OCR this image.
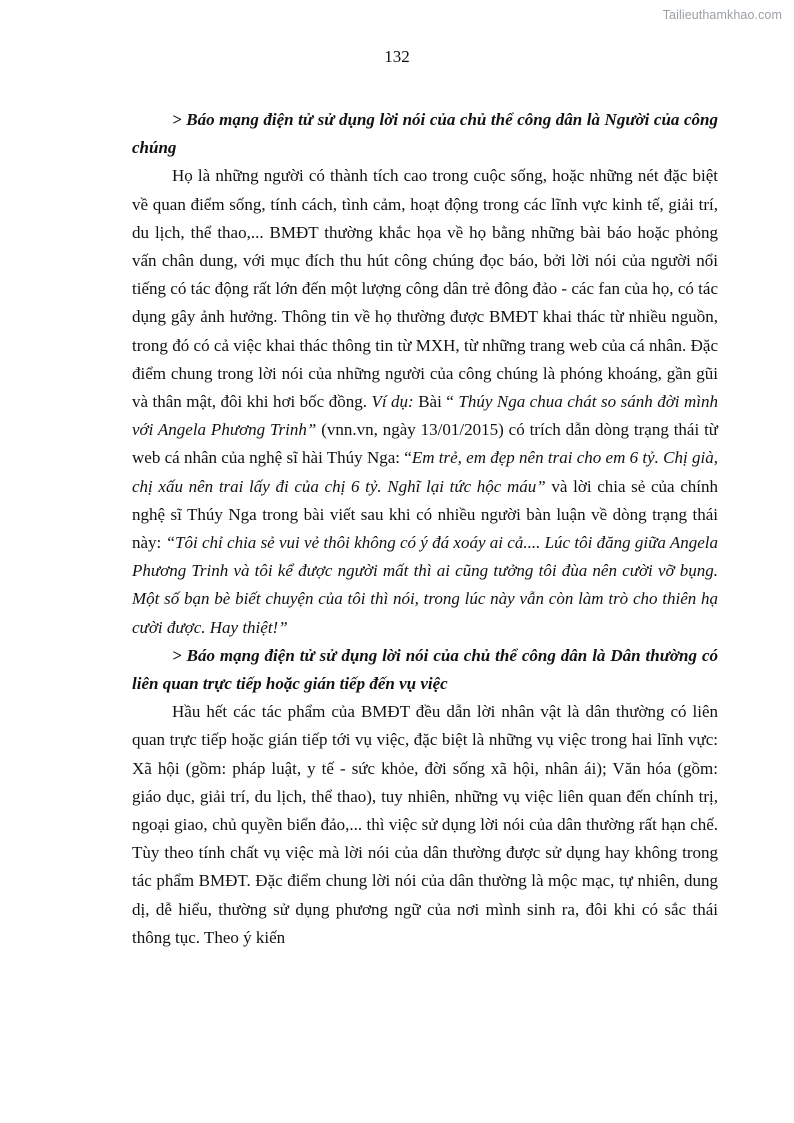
Tailieuthamkhao.com
132

> Báo mạng điện tử sử dụng lời nói của chủ thể công dân là Người của công chúng

Họ là những người có thành tích cao trong cuộc sống, hoặc những nét đặc biệt về quan điểm sống, tính cách, tình cảm, hoạt động trong các lĩnh vực kinh tế, giải trí, du lịch, thể thao,... BMĐT thường khắc họa về họ bằng những bài báo hoặc phỏng vấn chân dung, với mục đích thu hút công chúng đọc báo, bởi lời nói của người nổi tiếng có tác động rất lớn đến một lượng công dân trẻ đông đảo - các fan của họ, có tác dụng gây ảnh hưởng. Thông tin về họ thường được BMĐT khai thác từ nhiều nguồn, trong đó có cả việc khai thác thông tin từ MXH, từ những trang web của cá nhân. Đặc điểm chung trong lời nói của những người của công chúng là phóng khoáng, gần gũi và thân mật, đôi khi hơi bốc đồng. Ví dụ: Bài “ Thúy Nga chua chát so sánh đời mình với Angela Phương Trinh” (vnn.vn, ngày 13/01/2015) có trích dẫn dòng trạng thái từ web cá nhân của nghệ sĩ hài Thúy Nga: “Em trẻ, em đẹp nên trai cho em 6 tỷ. Chị già, chị xấu nên trai lấy đi của chị 6 tỷ. Nghĩ lại tức hộc máu” và lời chia sẻ của chính nghệ sĩ Thúy Nga trong bài viết sau khi có nhiều người bàn luận về dòng trạng thái này: “Tôi chỉ chia sẻ vui vẻ thôi không có ý đá xoáy ai cả.... Lúc tôi đăng giữa Angela Phương Trinh và tôi kể được người mất thì ai cũng tưởng tôi đùa nên cười vỡ bụng. Một số bạn bè biết chuyện của tôi thì nói, trong lúc này vẫn còn làm trò cho thiên hạ cười được. Hay thiệt!”

> Báo mạng điện tử sử dụng lời nói của chủ thể công dân là Dân thường có liên quan trực tiếp hoặc gián tiếp đến vụ việc

Hầu hết các tác phẩm của BMĐT đều dẫn lời nhân vật là dân thường có liên quan trực tiếp hoặc gián tiếp tới vụ việc, đặc biệt là những vụ việc trong hai lĩnh vực: Xã hội (gồm: pháp luật, y tế - sức khỏe, đời sống xã hội, nhân ái); Văn hóa (gồm: giáo dục, giải trí, du lịch, thể thao), tuy nhiên, những vụ việc liên quan đến chính trị, ngoại giao, chủ quyền biển đảo,... thì việc sử dụng lời nói của dân thường rất hạn chế. Tùy theo tính chất vụ việc mà lời nói của dân thường được sử dụng hay không trong tác phẩm BMĐT. Đặc điểm chung lời nói của dân thường là mộc mạc, tự nhiên, dung dị, dễ hiểu, thường sử dụng phương ngữ của nơi mình sinh ra, đôi khi có sắc thái thông tục. Theo ý kiến
